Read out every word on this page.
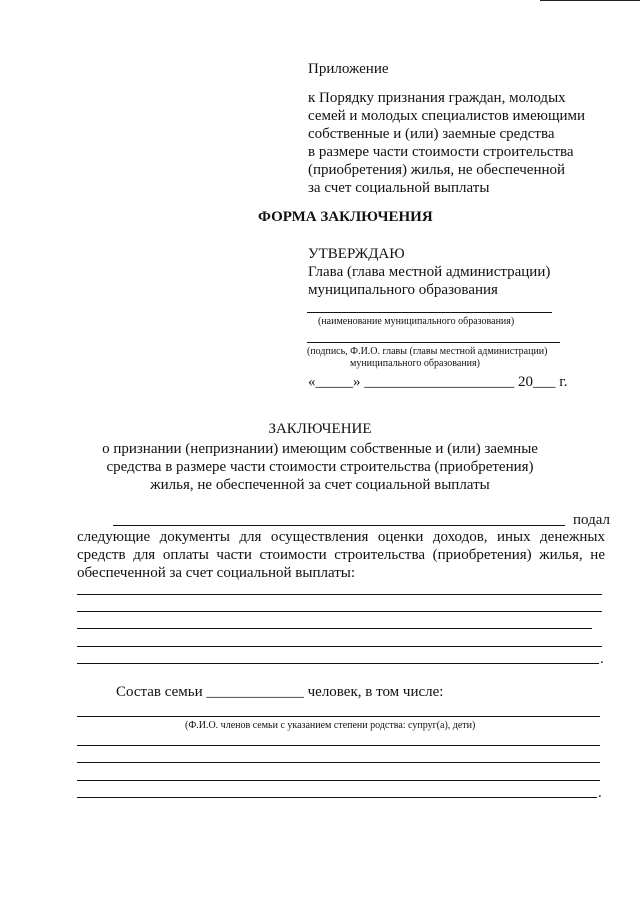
Приложение
к Порядку признания граждан, молодых
семей и молодых специалистов имеющими
собственные и (или) заемные средства
в размере части стоимости строительства
(приобретения) жилья, не обеспеченной
за счет социальной выплаты
ФОРМА ЗАКЛЮЧЕНИЯ
УТВЕРЖДАЮ
Глава (глава местной администрации)
муниципального образования
(наименование муниципального образования)
(подпись, Ф.И.О. главы (главы местной администрации)
муниципального образования)
«_____» ____________________ 20___ г.
ЗАКЛЮЧЕНИЕ
о признании (непризнании) имеющим собственные и (или) заемные
средства в размере части стоимости строительства (приобретения)
жилья, не обеспеченной за счет социальной выплаты
подал
следующие документы для осуществления оценки доходов, иных денежных
средств для оплаты части стоимости строительства (приобретения) жилья, не
обеспеченной за счет социальной выплаты:
.
Состав семьи _____________ человек, в том числе:
(Ф.И.О. членов семьи с указанием степени родства: супруг(а), дети)
.
